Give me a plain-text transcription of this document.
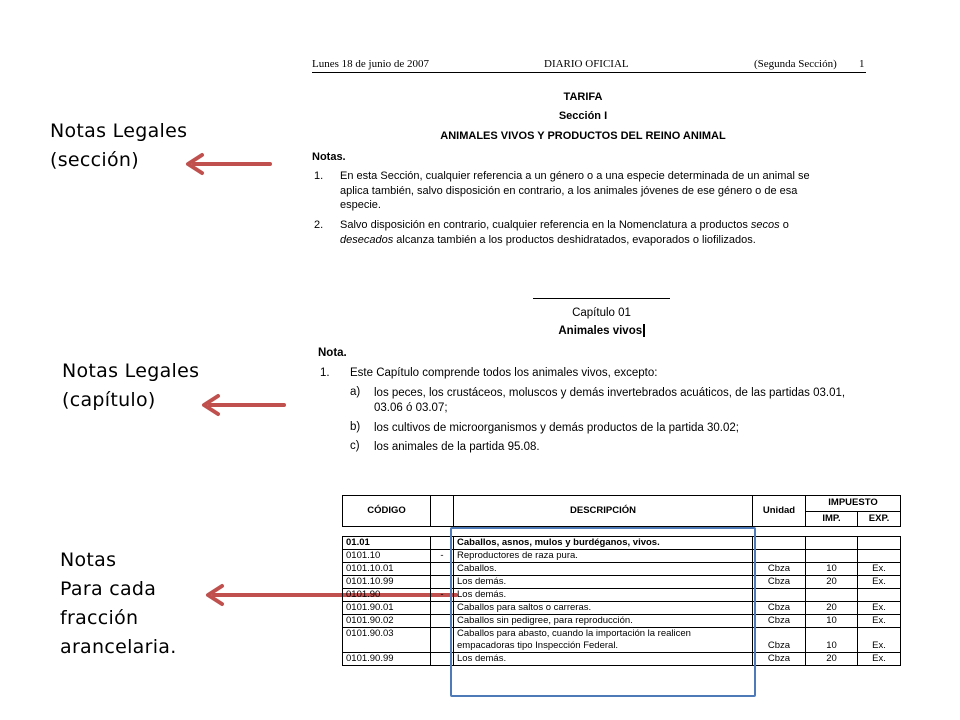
Notas Legales
(sección)
Notas Legales
(capítulo)
Notas
Para cada
fracción
arancelaria.
Lunes 18 de junio de 2007	DIARIO OFICIAL	(Segunda Sección) 1
TARIFA
Sección I
ANIMALES VIVOS Y PRODUCTOS DEL REINO ANIMAL
Notas.
1. En esta Sección, cualquier referencia a un género o a una especie determinada de un animal se
aplica también, salvo disposición en contrario, a los animales jóvenes de ese género o de esa
especie.
2. Salvo disposición en contrario, cualquier referencia en la Nomenclatura a productos secos o
desecados alcanza también a los productos deshidratados, evaporados o liofilizados.
Capítulo 01
Animales vivos
Nota.
1. Este Capítulo comprende todos los animales vivos, excepto:
a) los peces, los crustáceos, moluscos y demás invertebrados acuáticos, de las partidas 03.01,
03.06 ó 03.07;
b) los cultivos de microorganismos y demás productos de la partida 30.02;
c) los animales de la partida 95.08.
CÓDIGO		DESCRIPCIÓN	Unidad	IMPUESTO	
				IMP.	EXP.

01.01		Caballos, asnos, mulos y burdéganos, vivos.			
0101.10	-	Reproductores de raza pura.			
0101.10.01		Caballos.	Cbza	10	Ex.
0101.10.99		Los demás.	Cbza	20	Ex.
0101.90	-	Los demás.			
0101.90.01		Caballos para saltos o carreras.	Cbza	20	Ex.
0101.90.02		Caballos sin pedigree, para reproducción.	Cbza	10	Ex.
0101.90.03		Caballos para abasto, cuando la importación la realicen
empacadoras tipo Inspección Federal.	Cbza	10	Ex.
0101.90.99		Los demás.	Cbza	20	Ex.
